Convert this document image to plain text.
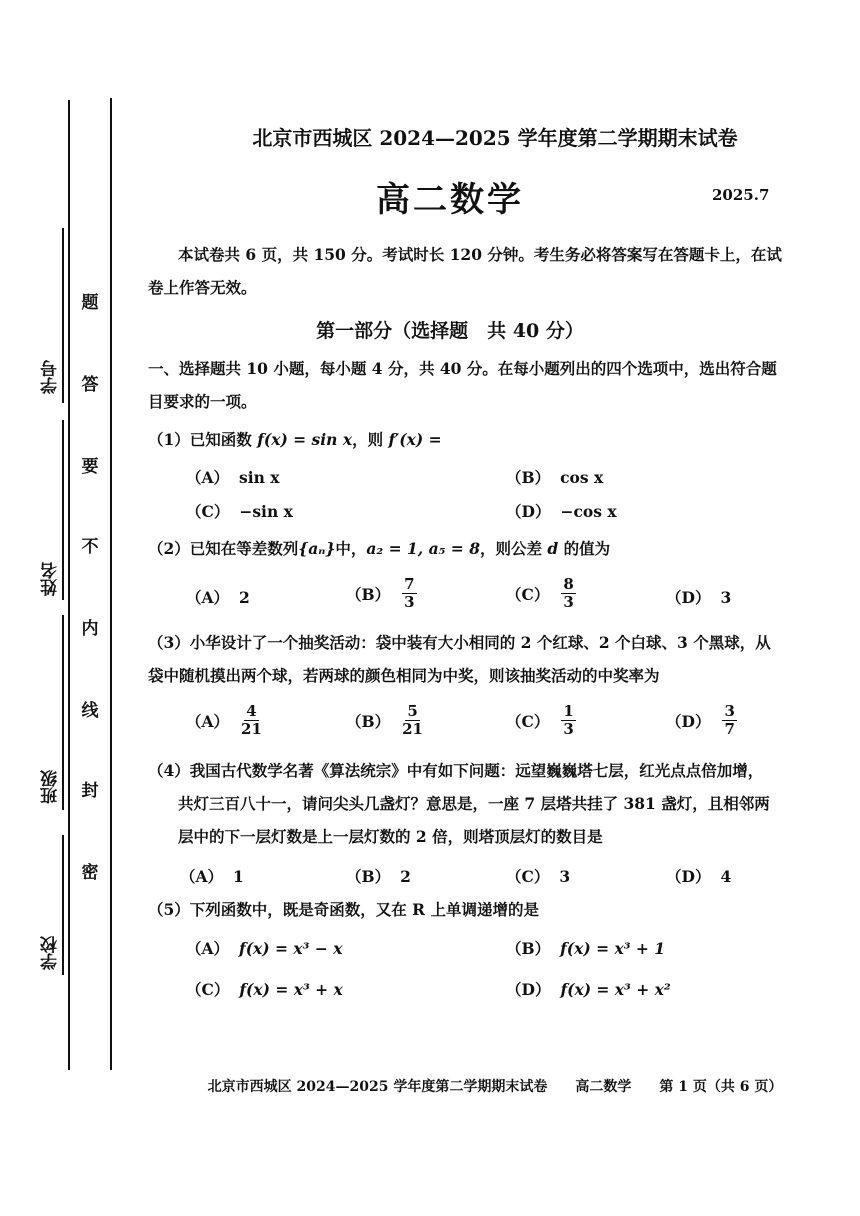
学号
姓名
班级
学校
题
答
要
不
内
线
封
密
北京市西城区 2024—2025 学年度第二学期期末试卷
高二数学	2025.7
本试卷共 6 页，共 150 分。考试时长 120 分钟。考生务必将答案写在答题卡上，在试
卷上作答无效。
第一部分（选择题　共 40 分）
一、选择题共 10 小题，每小题 4 分，共 40 分。在每小题列出的四个选项中，选出符合题
目要求的一项。
（1）已知函数 f(x) = sin x，则 f′(x) =
（A） sin x	（B） cos x
（C） −sin x	（D） −cos x
（2）已知在等差数列{aₙ}中，a₂ = 1, a₅ = 8，则公差 d 的值为
（A） 2	$(B) \frac{7}{3}$	$(C) \frac{8}{3}$	（D） 3
（3）小华设计了一个抽奖活动：袋中装有大小相同的 2 个红球、2 个白球、3 个黑球，从
袋中随机摸出两个球，若两球的颜色相同为中奖，则该抽奖活动的中奖率为
$(A) \frac{4}{21}$	$(B) \frac{5}{21}$	$(C) \frac{1}{3}$	$(D) \frac{3}{7}$
（4）我国古代数学名著《算法统宗》中有如下问题：远望巍巍塔七层，红光点点倍加增，
共灯三百八十一，请问尖头几盏灯？意思是，一座 7 层塔共挂了 381 盏灯，且相邻两
层中的下一层灯数是上一层灯数的 2 倍，则塔顶层灯的数目是
（A） 1	（B） 2	（C） 3	（D） 4
（5）下列函数中，既是奇函数，又在 R 上单调递增的是
（A） f(x) = x³ − x	（B） f(x) = x³ + 1
（C） f(x) = x³ + x	（D） f(x) = x³ + x²
北京市西城区 2024—2025 学年度第二学期期末试卷　　高二数学　　第 1 页（共 6 页）
